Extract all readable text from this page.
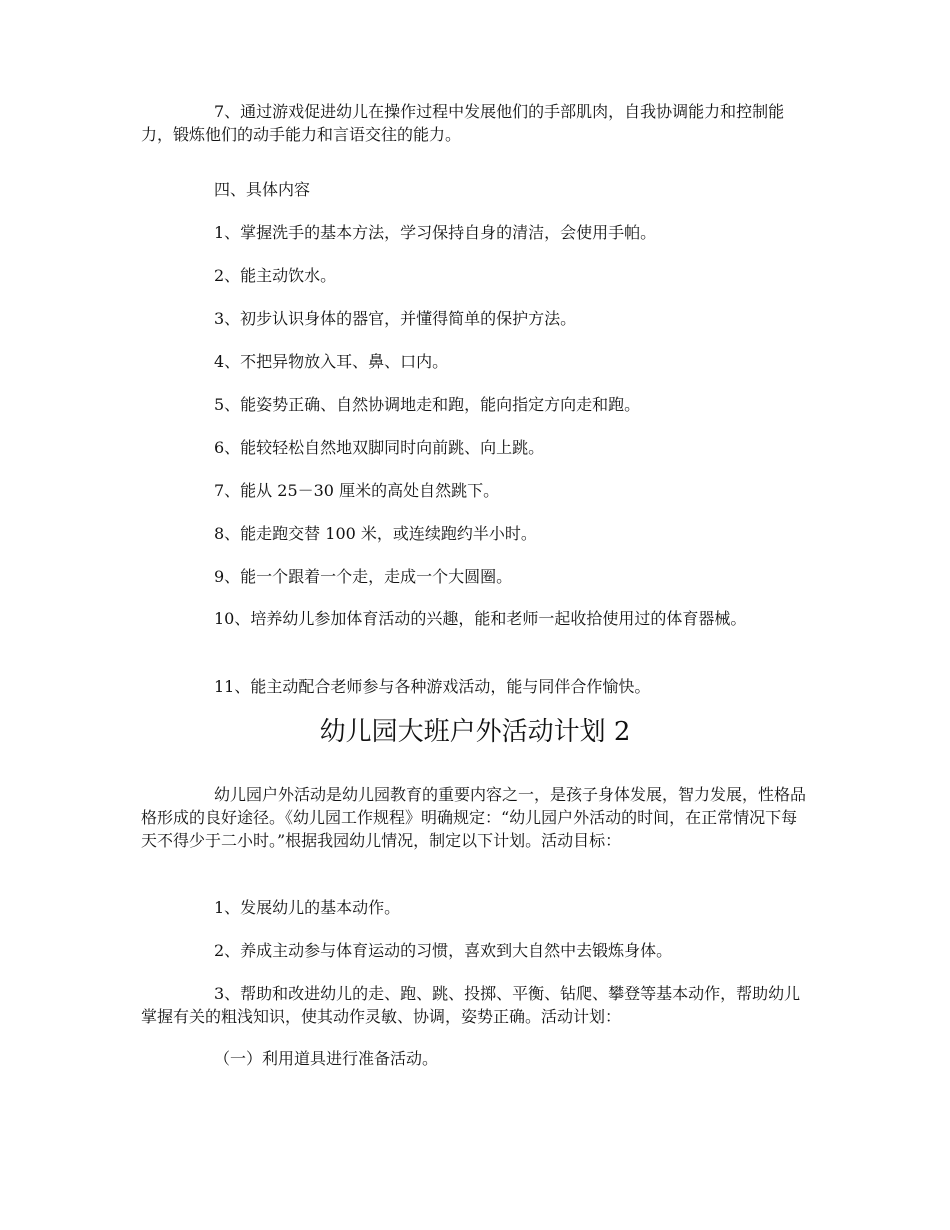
7、通过游戏促进幼儿在操作过程中发展他们的手部肌肉，自我协调能力和控制能力，锻炼他们的动手能力和言语交往的能力。

四、具体内容

1、掌握洗手的基本方法，学习保持自身的清洁，会使用手帕。

2、能主动饮水。

3、初步认识身体的器官，并懂得简单的保护方法。

4、不把异物放入耳、鼻、口内。

5、能姿势正确、自然协调地走和跑，能向指定方向走和跑。

6、能较轻松自然地双脚同时向前跳、向上跳。

7、能从 25－30 厘米的高处自然跳下。

8、能走跑交替 100 米，或连续跑约半小时。

9、能一个跟着一个走，走成一个大圆圈。

10、培养幼儿参加体育活动的兴趣，能和老师一起收拾使用过的体育器械。

11、能主动配合老师参与各种游戏活动，能与同伴合作愉快。

幼儿园大班户外活动计划 2

幼儿园户外活动是幼儿园教育的重要内容之一，是孩子身体发展，智力发展，性格品格形成的良好途径。《幼儿园工作规程》明确规定：“幼儿园户外活动的时间，在正常情况下每天不得少于二小时。”根据我园幼儿情况，制定以下计划。活动目标：

1、发展幼儿的基本动作。

2、养成主动参与体育运动的习惯，喜欢到大自然中去锻炼身体。

3、帮助和改进幼儿的走、跑、跳、投掷、平衡、钻爬、攀登等基本动作，帮助幼儿掌握有关的粗浅知识，使其动作灵敏、协调，姿势正确。活动计划：

（一）利用道具进行准备活动。
